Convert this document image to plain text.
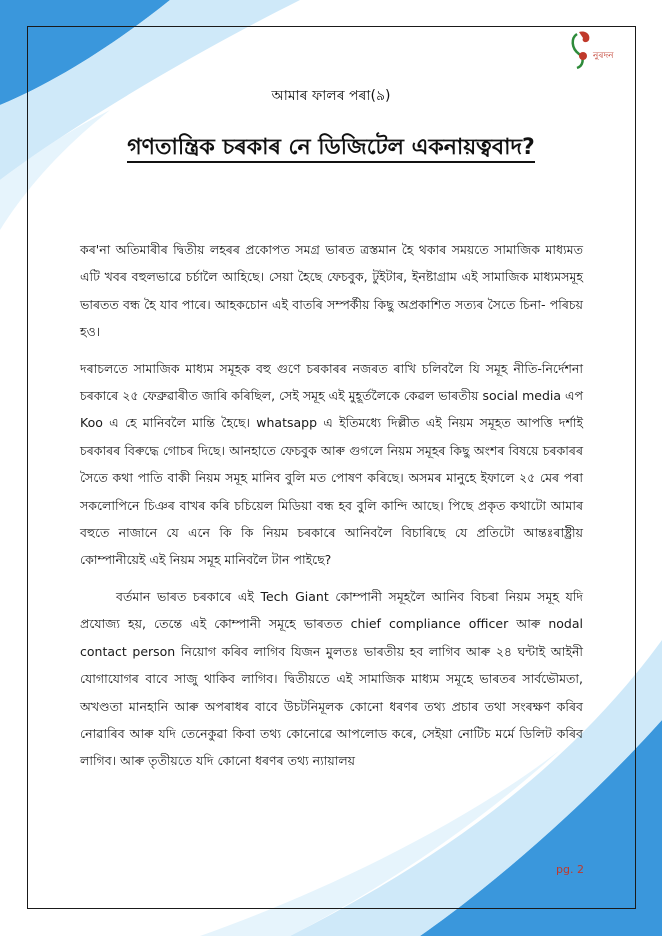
নুৰদন
আমাৰ ফালৰ পৰা(৯)
গণতান্ত্রিক চৰকাৰ নে ডিজিটেল একনায়ত্ববাদ?

কৰ'না অতিমাৰীৰ দ্বিতীয় লহৰৰ প্ৰকোপত সমগ্ৰ ভাৰত ত্ৰস্তমান হৈ থকাৰ সময়তে সামাজিক মাধ্যমত এটি খবৰ বহুলভাৱে চৰ্চালৈ আহিছে। সেয়া হৈছে ফেচবুক, টুইটাৰ, ইনষ্টাগ্ৰাম এই সামাজিক মাধ্যমসমূহ ভাৰতত বন্ধ হৈ যাব পাৰে। আহকচোন এই বাতৰি সম্পৰ্কীয় কিছু অপ্ৰকাশিত সত্যৰ সৈতে চিনা- পৰিচয় হও।

দৰাচলতে সামাজিক মাধ্যম সমূহক বহু গুণে চৰকাৰৰ নজৰত ৰাখি চলিবলৈ যি সমূহ নীতি-নিৰ্দেশনা চৰকাৰে ২৫ ফেব্ৰুৱাৰীত জাৰি কৰিছিল, সেই সমূহ এই মুহূৰ্তলৈকে কেৱল ভাৰতীয় social media এপ Koo এ হে মানিবলৈ মান্তি হৈছে। whatsapp এ ইতিমধ্যে দিল্লীত এই নিয়ম সমূহত আপত্তি দৰ্শাই চৰকাৰৰ বিৰুদ্ধে গোচৰ দিছে। আনহাতে ফেচবুক আৰু গুগলে নিয়ম সমূহৰ কিছু অংশৰ বিষয়ে চৰকাৰৰ সৈতে কথা পাতি বাকী নিয়ম সমূহ মানিব বুলি মত পোষণ কৰিছে। অসমৰ মানুহে ইফালে ২৫ মেৰ পৰা সকলোপিনে চিঞৰ বাখৰ কৰি চচিয়েল মিডিয়া বন্ধ হব বুলি কান্দি আছে। পিছে প্ৰকৃত কথাটো আমাৰ বহুতে নাজানে যে এনে কি কি নিয়ম চৰকাৰে আনিবলৈ বিচাৰিছে যে প্ৰতিটো আন্তঃৰাষ্ট্ৰীয় কোম্পানীয়েই এই নিয়ম সমূহ মানিবলৈ টান পাইছে?

বৰ্তমান ভাৰত চৰকাৰে এই Tech Giant কোম্পানী সমূহলৈ আনিব বিচৰা নিয়ম সমূহ যদি প্ৰযোজ্য হয়, তেন্তে এই কোম্পানী সমূহে ভাৰতত chief compliance officer আৰু nodal contact person নিয়োগ কৰিব লাগিব যিজন মুলতঃ ভাৰতীয় হব লাগিব আৰু ২৪ ঘন্টাই আইনী যোগাযোগৰ বাবে সাজু থাকিব লাগিব। দ্বিতীয়তে এই সামাজিক মাধ্যম সমূহে ভাৰতৰ সাৰ্বভৌমতা, অখণ্ডতা মানহানি আৰু অপৰাধৰ বাবে উচটনিমূলক কোনো ধৰণৰ তথ্য প্ৰচাৰ তথা সংৰক্ষণ কৰিব নোৱাৰিব আৰু যদি তেনেকুৱা কিবা তথ্য কোনোৱে আপলোড কৰে, সেইয়া নোটিচ মৰ্মে ডিলিট কৰিব লাগিব। আৰু তৃতীয়তে যদি কোনো ধৰণৰ তথ্য ন্যায়ালয়

pg. 2
